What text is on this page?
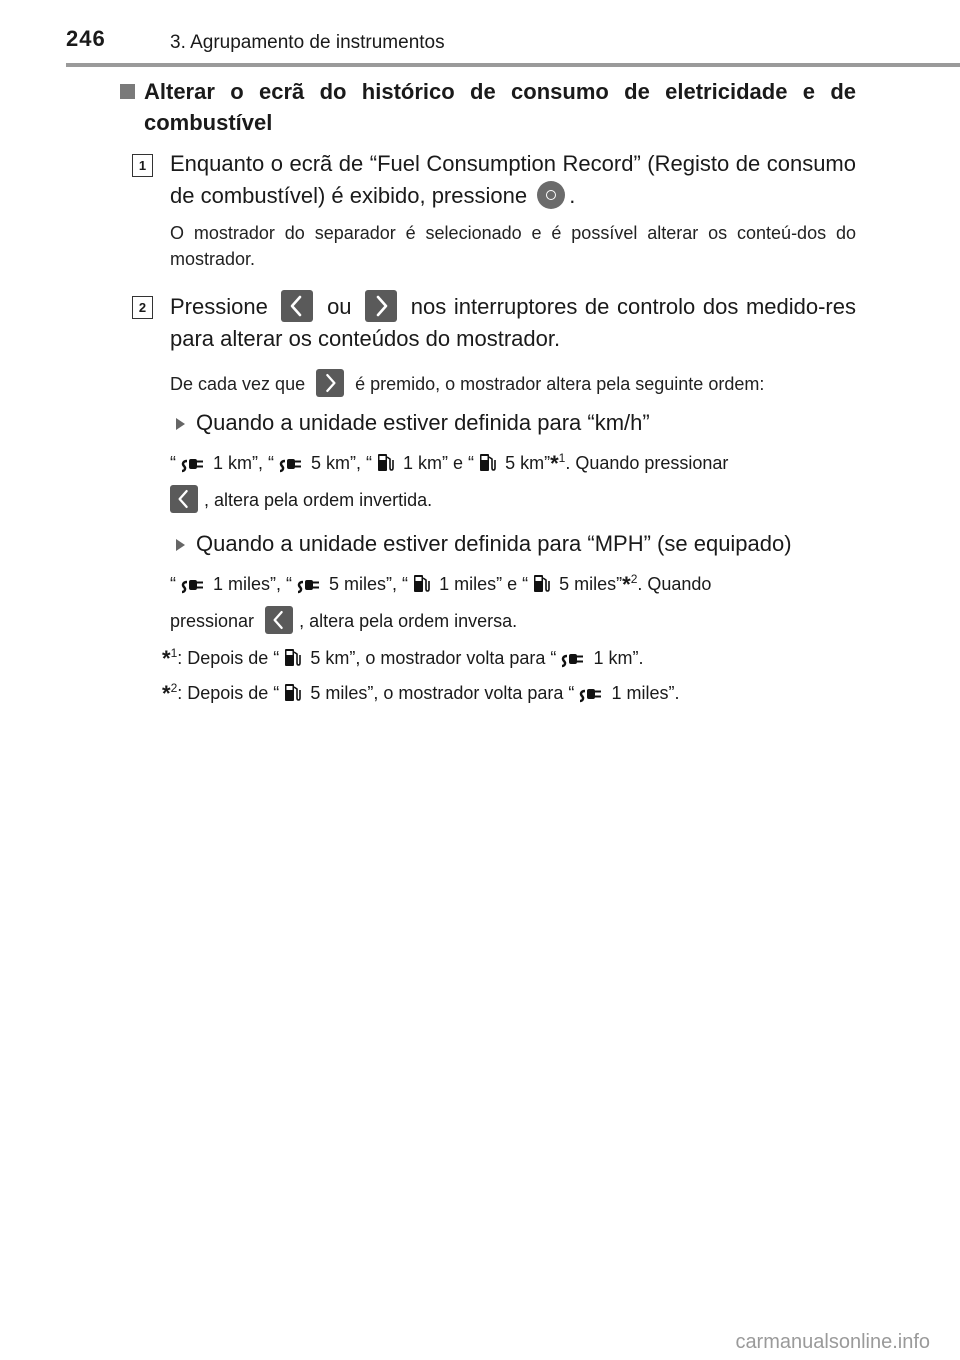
246	3. Agrupamento de instrumentos
Alterar o ecrã do histórico de consumo de eletricidade e de combustível
1	Enquanto o ecrã de “Fuel Consumption Record” (Registo de consumo de combustível) é exibido, pressione .
O mostrador do separador é selecionado e é possível alterar os conteú-dos do mostrador.
2	Pressione	ou	nos interruptores de controlo dos medido-res para alterar os conteúdos do mostrador.
De cada vez que	é premido, o mostrador altera pela seguinte ordem:
Quando a unidade estiver definida para “km/h”
“ 1 km”, “ 5 km”, “ 1 km” e “ 5 km”*$^1$. Quando pressionar

, altera pela ordem invertida.
Quando a unidade estiver definida para “MPH” (se equipado)
“ 1 miles”, “ 5 miles”, “ 1 miles” e “ 5 miles”*$^2$. Quando
pressionar	, altera pela ordem inversa.
*$^1$: Depois de “ 5 km”, o mostrador volta para “ 1 km”.
*$^2$: Depois de “ 5 miles”, o mostrador volta para “ 1 miles”.
carmanualsonline.info
